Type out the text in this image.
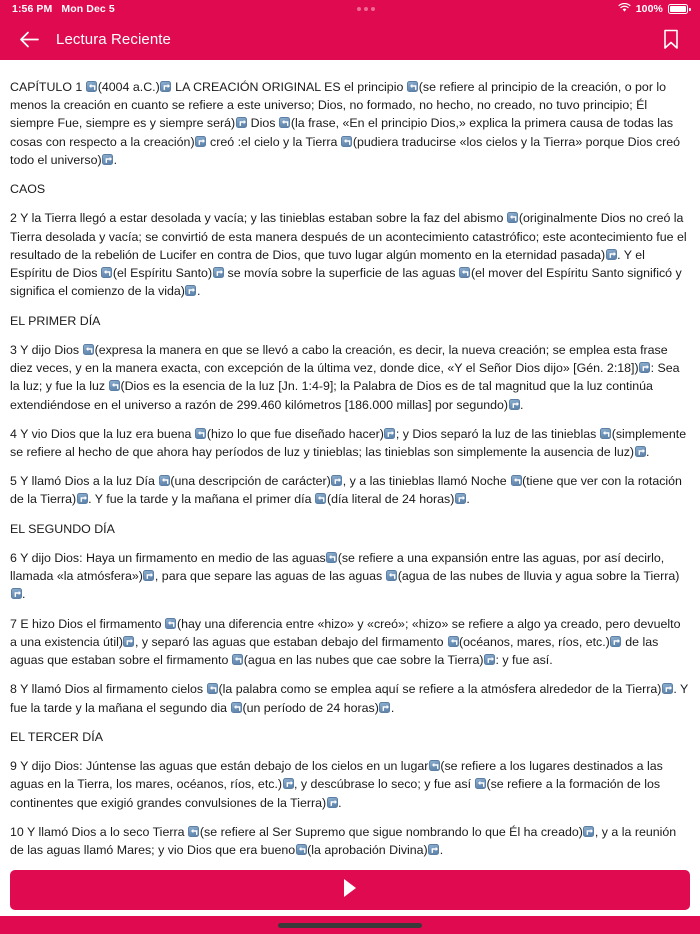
1:56 PM Mon Dec 5	100%
Lectura Reciente

CAPÍTULO 1
(4004 a.C.)
LA CREACIÓN ORIGINAL ES el principio
(se refiere al principio de la creación, o por lo menos la creación en cuanto se refiere a este universo; Dios, no formado, no hecho, no creado, no tuvo principio; Él siempre Fue, siempre es y siempre será)
Dios
(la frase, «En el principio Dios,» explica la primera causa de todas las cosas con respecto a la creación)
creó :el cielo y la Tierra
(pudiera traducirse «los cielos y la Tierra» porque Dios creó todo el universo) .

CAOS

2 Y la Tierra llegó a estar desolada y vacía; y las tinieblas estaban sobre la faz del abismo
(originalmente Dios no creó la Tierra desolada y vacía; se convirtió de esta manera después de un acontecimiento catastrófico; este acontecimiento fue el resultado de la rebelión de Lucifer en contra de Dios, que tuvo lugar algún momento en la eternidad pasada) . Y el Espíritu de Dios
(el Espíritu Santo)
se movía sobre la superficie de las aguas
(el mover del Espíritu Santo significó y significa el comienzo de la vida) .

EL PRIMER DÍA

3 Y dijo Dios
(expresa la manera en que se llevó a cabo la creación, es decir, la nueva creación; se emplea esta frase diez veces, y en la manera exacta, con excepción de la última vez, donde dice, «Y el Señor Dios dijo» [Gén. 2:18]) : Sea la luz; y fue la luz
(Dios es la esencia de la luz [Jn. 1:4-9]; la Palabra de Dios es de tal magnitud que la luz continúa extendiéndose en el universo a razón de 299.460 kilómetros [186.000 millas] por segundo) .

4 Y vio Dios que la luz era buena
(hizo lo que fue diseñado hacer) ; y Dios separó la luz de las tinieblas
(simplemente se refiere al hecho de que ahora hay períodos de luz y tinieblas; las tinieblas son simplemente la ausencia de luz) .

5 Y llamó Dios a la luz Día
(una descripción de carácter) , y a las tinieblas llamó Noche
(tiene que ver con la rotación de la Tierra) . Y fue la tarde y la mañana el primer día
(día literal de 24 horas) .

EL SEGUNDO DÍA

6 Y dijo Dios: Haya un firmamento en medio de las aguas (se refiere a una expansión entre las aguas, por así decirlo, llamada «la atmósfera») , para que separe las aguas de las aguas
(agua de las nubes de lluvia y agua sobre la Tierra)
.

7 E hizo Dios el firmamento
(hay una diferencia entre «hizo» y «creó»; «hizo» se refiere a algo ya creado, pero devuelto a una existencia útil) , y separó las aguas que estaban debajo del firmamento
(océanos, mares, ríos, etc.)
de las aguas que estaban sobre el firmamento
(agua en las nubes que cae sobre la Tierra) : y fue así.

8 Y llamó Dios al firmamento cielos
(la palabra como se emplea aquí se refiere a la atmósfera alrededor de la Tierra) . Y fue la tarde y la mañana el segundo dia
(un período de 24 horas) .

EL TERCER DÍA

9 Y dijo Dios: Júntense las aguas que están debajo de los cielos en un lugar (se refiere a los lugares destinados a las aguas en la Tierra, los mares, océanos, ríos, etc.) , y descúbrase lo seco; y fue así
(se refiere a la formación de los continentes que exigió grandes convulsiones de la Tierra) .

10 Y llamó Dios a lo seco Tierra
(se refiere al Ser Supremo que sigue nombrando lo que Él ha creado) , y a la reunión de las aguas llamó Mares; y vio Dios que era bueno (la aprobación Divina) .
